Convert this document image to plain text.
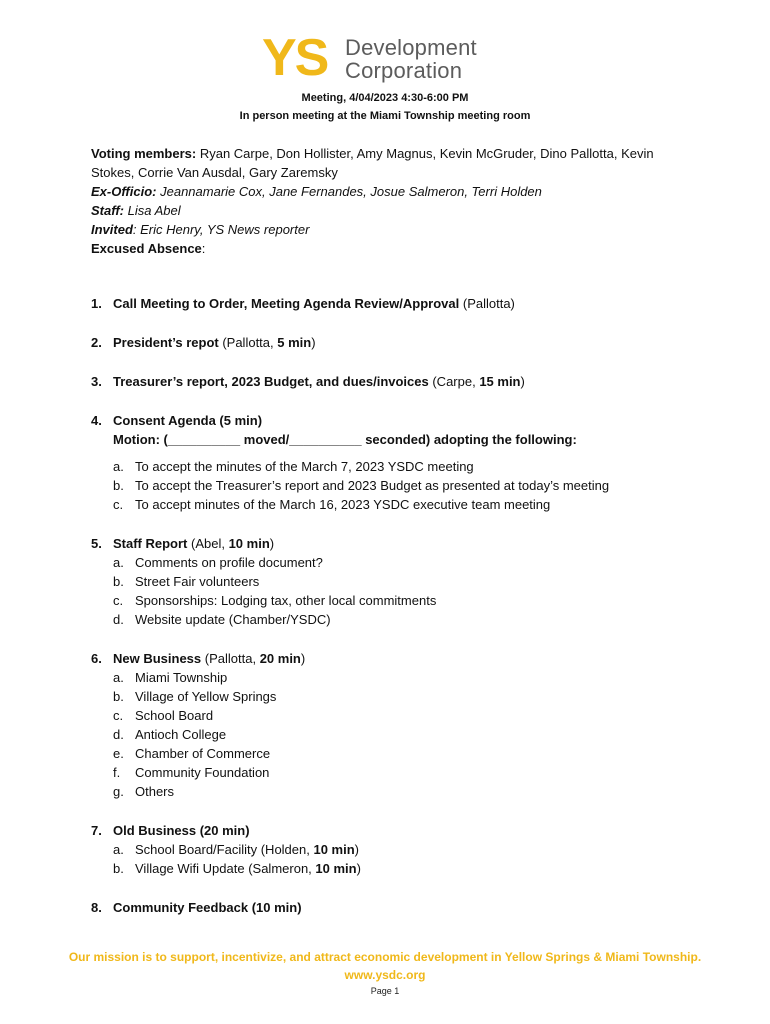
YS Development
Corporation
Meeting, 4/04/2023 4:30-6:00 PM
In person meeting at the Miami Township meeting room

Voting members: Ryan Carpe, Don Hollister, Amy Magnus, Kevin McGruder, Dino Pallotta, Kevin Stokes, Corrie Van Ausdal, Gary Zaremsky

Ex-Officio: Jeannamarie Cox, Jane Fernandes, Josue Salmeron, Terri Holden

Staff: Lisa Abel

Invited: Eric Henry, YS News reporter

Excused Absence:

1. Call Meeting to Order, Meeting Agenda Review/Approval (Pallotta)
2. President’s repot (Pallotta, 5 min)
3. Treasurer’s report, 2023 Budget, and dues/invoices (Carpe, 15 min)
4. Consent Agenda (5 min)
Motion: (__________ moved/__________ seconded) adopting the following:
a. To accept the minutes of the March 7, 2023 YSDC meeting
b. To accept the Treasurer’s report and 2023 Budget as presented at today’s meeting
c. To accept minutes of the March 16, 2023 YSDC executive team meeting
5. Staff Report (Abel, 10 min)
a. Comments on profile document?
b. Street Fair volunteers
c. Sponsorships: Lodging tax, other local commitments
d. Website update (Chamber/YSDC)
6. New Business (Pallotta, 20 min)
a. Miami Township
b. Village of Yellow Springs
c. School Board
d. Antioch College
e. Chamber of Commerce
f. Community Foundation
g. Others
7. Old Business (20 min)
a. School Board/Facility (Holden, 10 min)
b. Village Wifi Update (Salmeron, 10 min)
8. Community Feedback (10 min)
Our mission is to support, incentivize, and attract economic development in Yellow Springs & Miami Township.
www.ysdc.org
Page 1
